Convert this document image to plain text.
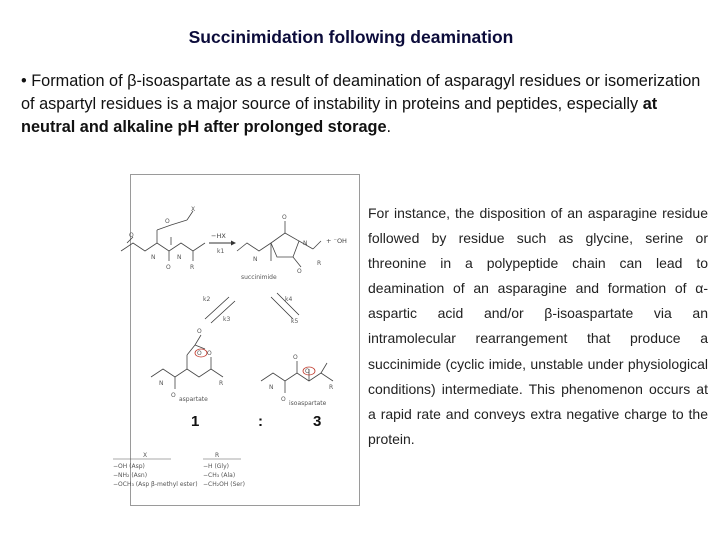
Succinimidation following deamination
• Formation of β-isoaspartate as a result of deamination of asparagyl residues or isomerization of aspartyl residues is a major source of instability in proteins and peptides, especially at neutral and alkaline pH after prolonged storage.
X
O
N	N
O	R
O	−HX
k1
O
O
N
R
N
+ ⁻OH
succinimide
k2
k3
k4
k5
O
O
O
O
N	R
aspartate
O
O
O
N	R
isoaspartate
X
−OH (Asp)
−NH₂ (Asn)
−OCH₃ (Asp β-methyl ester)
R
−H (Gly)
−CH₃ (Ala)
−CH₂OH (Ser)
1	:	3
For instance, the disposition of an asparagine residue followed by residue such as glycine, serine or threonine in a polypeptide chain can lead to deamination of an asparagine and formation of α-aspartic acid and/or β-isoaspartate via an intramolecular rearrangement that produce a succinimide (cyclic imide, unstable under physiological conditions) intermediate. This phenomenon occurs at a rapid rate and conveys extra negative charge to the protein.
